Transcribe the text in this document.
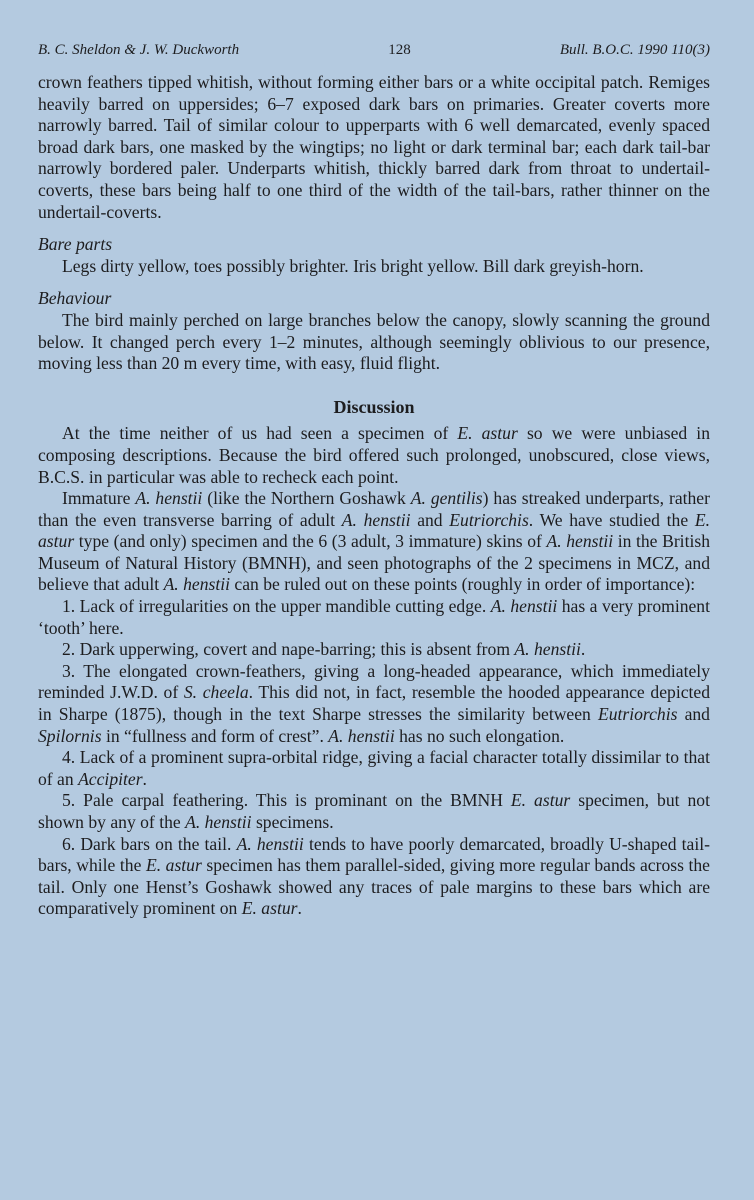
B. C. Sheldon & J. W. Duckworth	128	Bull. B.O.C. 1990 110(3)

crown feathers tipped whitish, without forming either bars or a white occipital patch. Remiges heavily barred on uppersides; 6–7 exposed dark bars on primaries. Greater coverts more narrowly barred. Tail of similar colour to upperparts with 6 well demarcated, evenly spaced broad dark bars, one masked by the wingtips; no light or dark terminal bar; each dark tail-bar narrowly bordered paler. Underparts whitish, thickly barred dark from throat to undertail-coverts, these bars being half to one third of the width of the tail-bars, rather thinner on the undertail-coverts.

Bare parts

Legs dirty yellow, toes possibly brighter. Iris bright yellow. Bill dark greyish-horn.

Behaviour

The bird mainly perched on large branches below the canopy, slowly scanning the ground below. It changed perch every 1–2 minutes, although seemingly oblivious to our presence, moving less than 20 m every time, with easy, fluid flight.

Discussion

At the time neither of us had seen a specimen of E. astur so we were unbiased in composing descriptions. Because the bird offered such prolonged, unobscured, close views, B.C.S. in particular was able to recheck each point.

Immature A. henstii (like the Northern Goshawk A. gentilis) has streaked underparts, rather than the even transverse barring of adult A. henstii and Eutriorchis. We have studied the E. astur type (and only) specimen and the 6 (3 adult, 3 immature) skins of A. henstii in the British Museum of Natural History (BMNH), and seen photographs of the 2 specimens in MCZ, and believe that adult A. henstii can be ruled out on these points (roughly in order of importance):

1. Lack of irregularities on the upper mandible cutting edge. A. henstii has a very prominent ‘tooth’ here.

2. Dark upperwing, covert and nape-barring; this is absent from A. henstii.

3. The elongated crown-feathers, giving a long-headed appearance, which immediately reminded J.W.D. of S. cheela. This did not, in fact, resemble the hooded appearance depicted in Sharpe (1875), though in the text Sharpe stresses the similarity between Eutriorchis and Spilornis in “fullness and form of crest”. A. henstii has no such elongation.

4. Lack of a prominent supra-orbital ridge, giving a facial character totally dissimilar to that of an Accipiter.

5. Pale carpal feathering. This is prominant on the BMNH E. astur specimen, but not shown by any of the A. henstii specimens.

6. Dark bars on the tail. A. henstii tends to have poorly demarcated, broadly U-shaped tail-bars, while the E. astur specimen has them parallel-sided, giving more regular bands across the tail. Only one Henst’s Goshawk showed any traces of pale margins to these bars which are comparatively prominent on E. astur.
